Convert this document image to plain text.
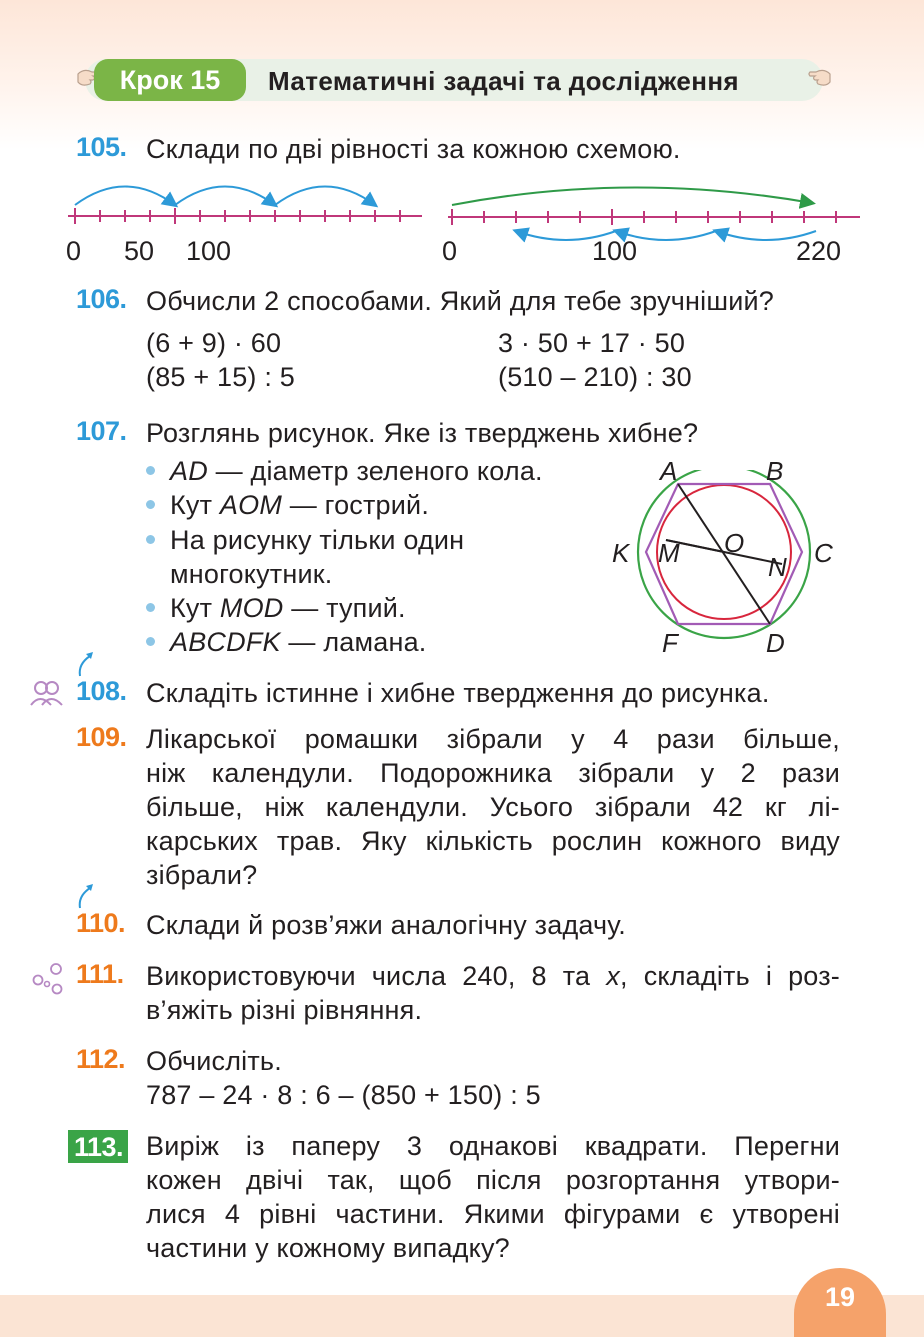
Крок 15	Математичні задачі та дослідження
105. Склади по дві рівності за кожною схемою.
0 50 100	0	100	220
106. Обчисли 2 способами. Який для тебе зручніший?
(6 + 9) · 60	3 · 50 + 17 · 50
(85 + 15) : 5	(510 – 210) : 30
107. Розглянь рисунок. Яке із тверджень хибне?
AD — діаметр зеленого кола.
Кут AOM — гострий.
На рисунку тільки один
многокутник.
Кут MOD — тупий.
ABCDFK — ламана.
A	B
C
D
F
K M O
N
108. Складіть істинне і хибне твердження до рисунка.
109. Лікарської ромашки зібрали у 4 рази більше,
ніж календули. Подорожника зібрали у 2 рази
більше, ніж календули. Усього зібрали 42 кг лі-
карських трав. Яку кількість рослин кожного виду
зібрали?
110. Склади й розв’яжи аналогічну задачу.
111. Використовуючи числа 240, 8 та x, складіть і роз-
в’яжіть різні рівняння.
112. Обчисліть.
787 – 24 · 8 : 6 – (850 + 150) : 5
113. Виріж із паперу 3 однакові квадрати. Перегни
кожен двічі так, щоб після розгортання утвори-
лися 4 рівні частини. Якими фігурами є утворені
частини у кожному випадку?
19
